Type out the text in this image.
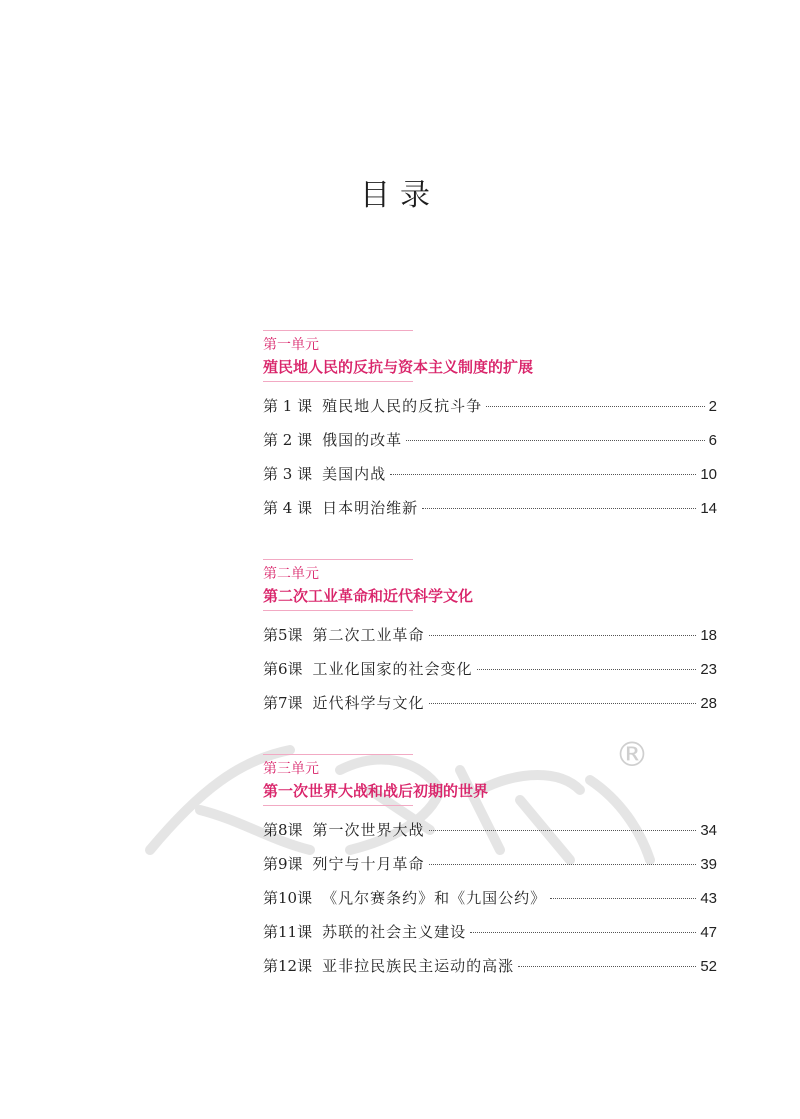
目录
®
第一单元
殖民地人民的反抗与资本主义制度的扩展
第 1 课 殖民地人民的反抗斗争	2
第 2 课 俄国的改革	6
第 3 课 美国内战	10
第 4 课 日本明治维新	14
第二单元
第二次工业革命和近代科学文化
第5课 第二次工业革命	18
第6课 工业化国家的社会变化	23
第7课 近代科学与文化	28
第三单元
第一次世界大战和战后初期的世界
第8课 第一次世界大战	34
第9课 列宁与十月革命	39
第10课 《凡尔赛条约》和《九国公约》	43
第11课 苏联的社会主义建设	47
第12课 亚非拉民族民主运动的高涨	52
